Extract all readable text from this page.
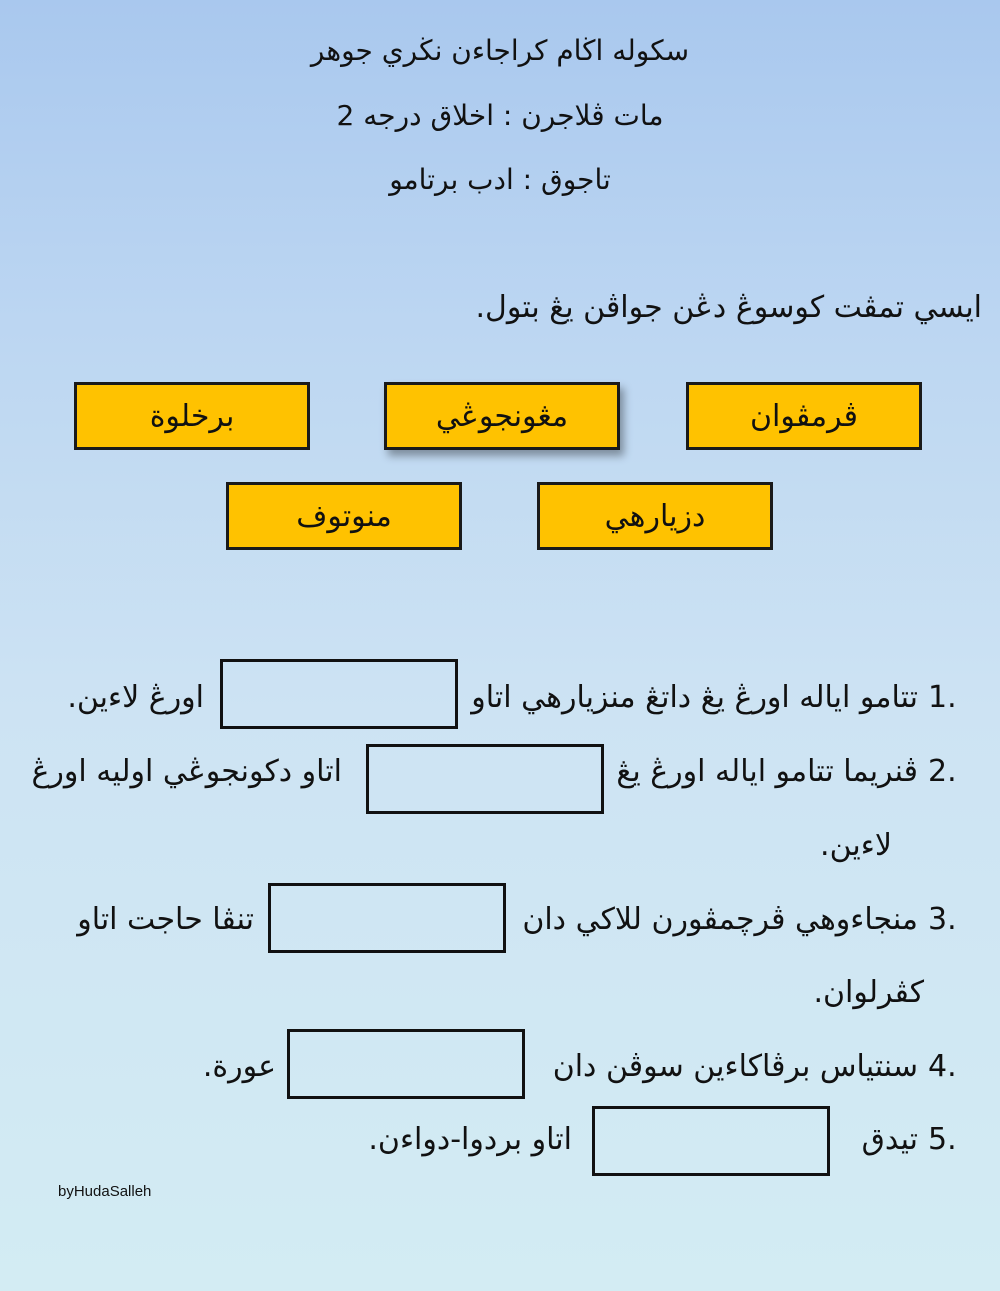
سكوله اڬام كراجاءن نڬري جوهر
مات ڤلاجرن : اخلاق درجه 2
تاجوق : ادب برتامو
ايسي تمڤت كوسوڠ دڠن جواڤن يڠ بتول.
ڤرمڤوان
مڠونجوڠي
برخلوة
دزيارهي
منوتوف
1.
تتامو اياله اورڠ يڠ داتڠ منزيارهي اتاو
اورڠ لاءين.
2.
ڤنريما تتامو اياله اورڠ يڠ
اتاو دكونجوڠي اوليه اورڠ
لاءين.
3.
منجاءوهي ڤرچمڤورن للاكي دان
تنڤا حاجت اتاو
كڤرلوان.
4.
سنتياس برڤاكاءين سوڤن دان
عورة.
5.
تيدق
اتاو بردوا-دواءن.
byHudaSalleh
